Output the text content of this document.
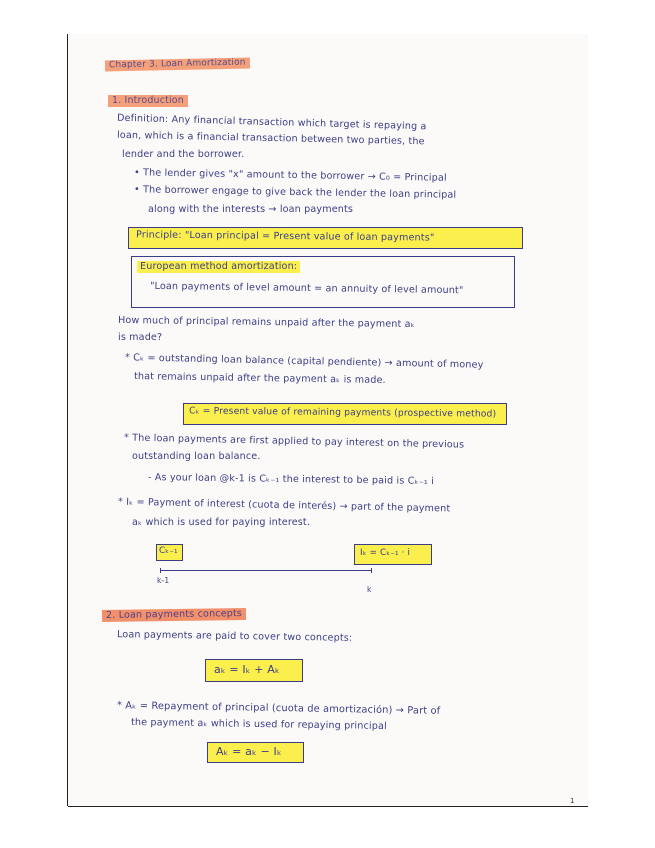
Chapter 3. Loan Amortization
1. Introduction
Definition: Any financial transaction which target is repaying a
loan, which is a financial transaction between two parties, the
lender and the borrower.
• The lender gives "x" amount to the borrower → C₀ = Principal
• The borrower engage to give back the lender the loan principal
along with the interests → loan payments
Principle: "Loan principal = Present value of loan payments"
European method amortization:
"Loan payments of level amount = an annuity of level amount"
How much of principal remains unpaid after the payment aₖ
is made?
* Cₖ = outstanding loan balance (capital pendiente) → amount of money
that remains unpaid after the payment aₖ is made.
Cₖ = Present value of remaining payments (prospective method)
* The loan payments are first applied to pay interest on the previous
outstanding loan balance.
- As your loan @k-1 is Cₖ₋₁ the interest to be paid is Cₖ₋₁ i
* Iₖ = Payment of interest (cuota de interés) → part of the payment
aₖ which is used for paying interest.
Cₖ₋₁	Iₖ = Cₖ₋₁ · i
k-1
k
2. Loan payments concepts
Loan payments are paid to cover two concepts:
aₖ = Iₖ + Aₖ
* Aₖ = Repayment of principal (cuota de amortización) → Part of
the payment aₖ which is used for repaying principal
Aₖ = aₖ − Iₖ
1
